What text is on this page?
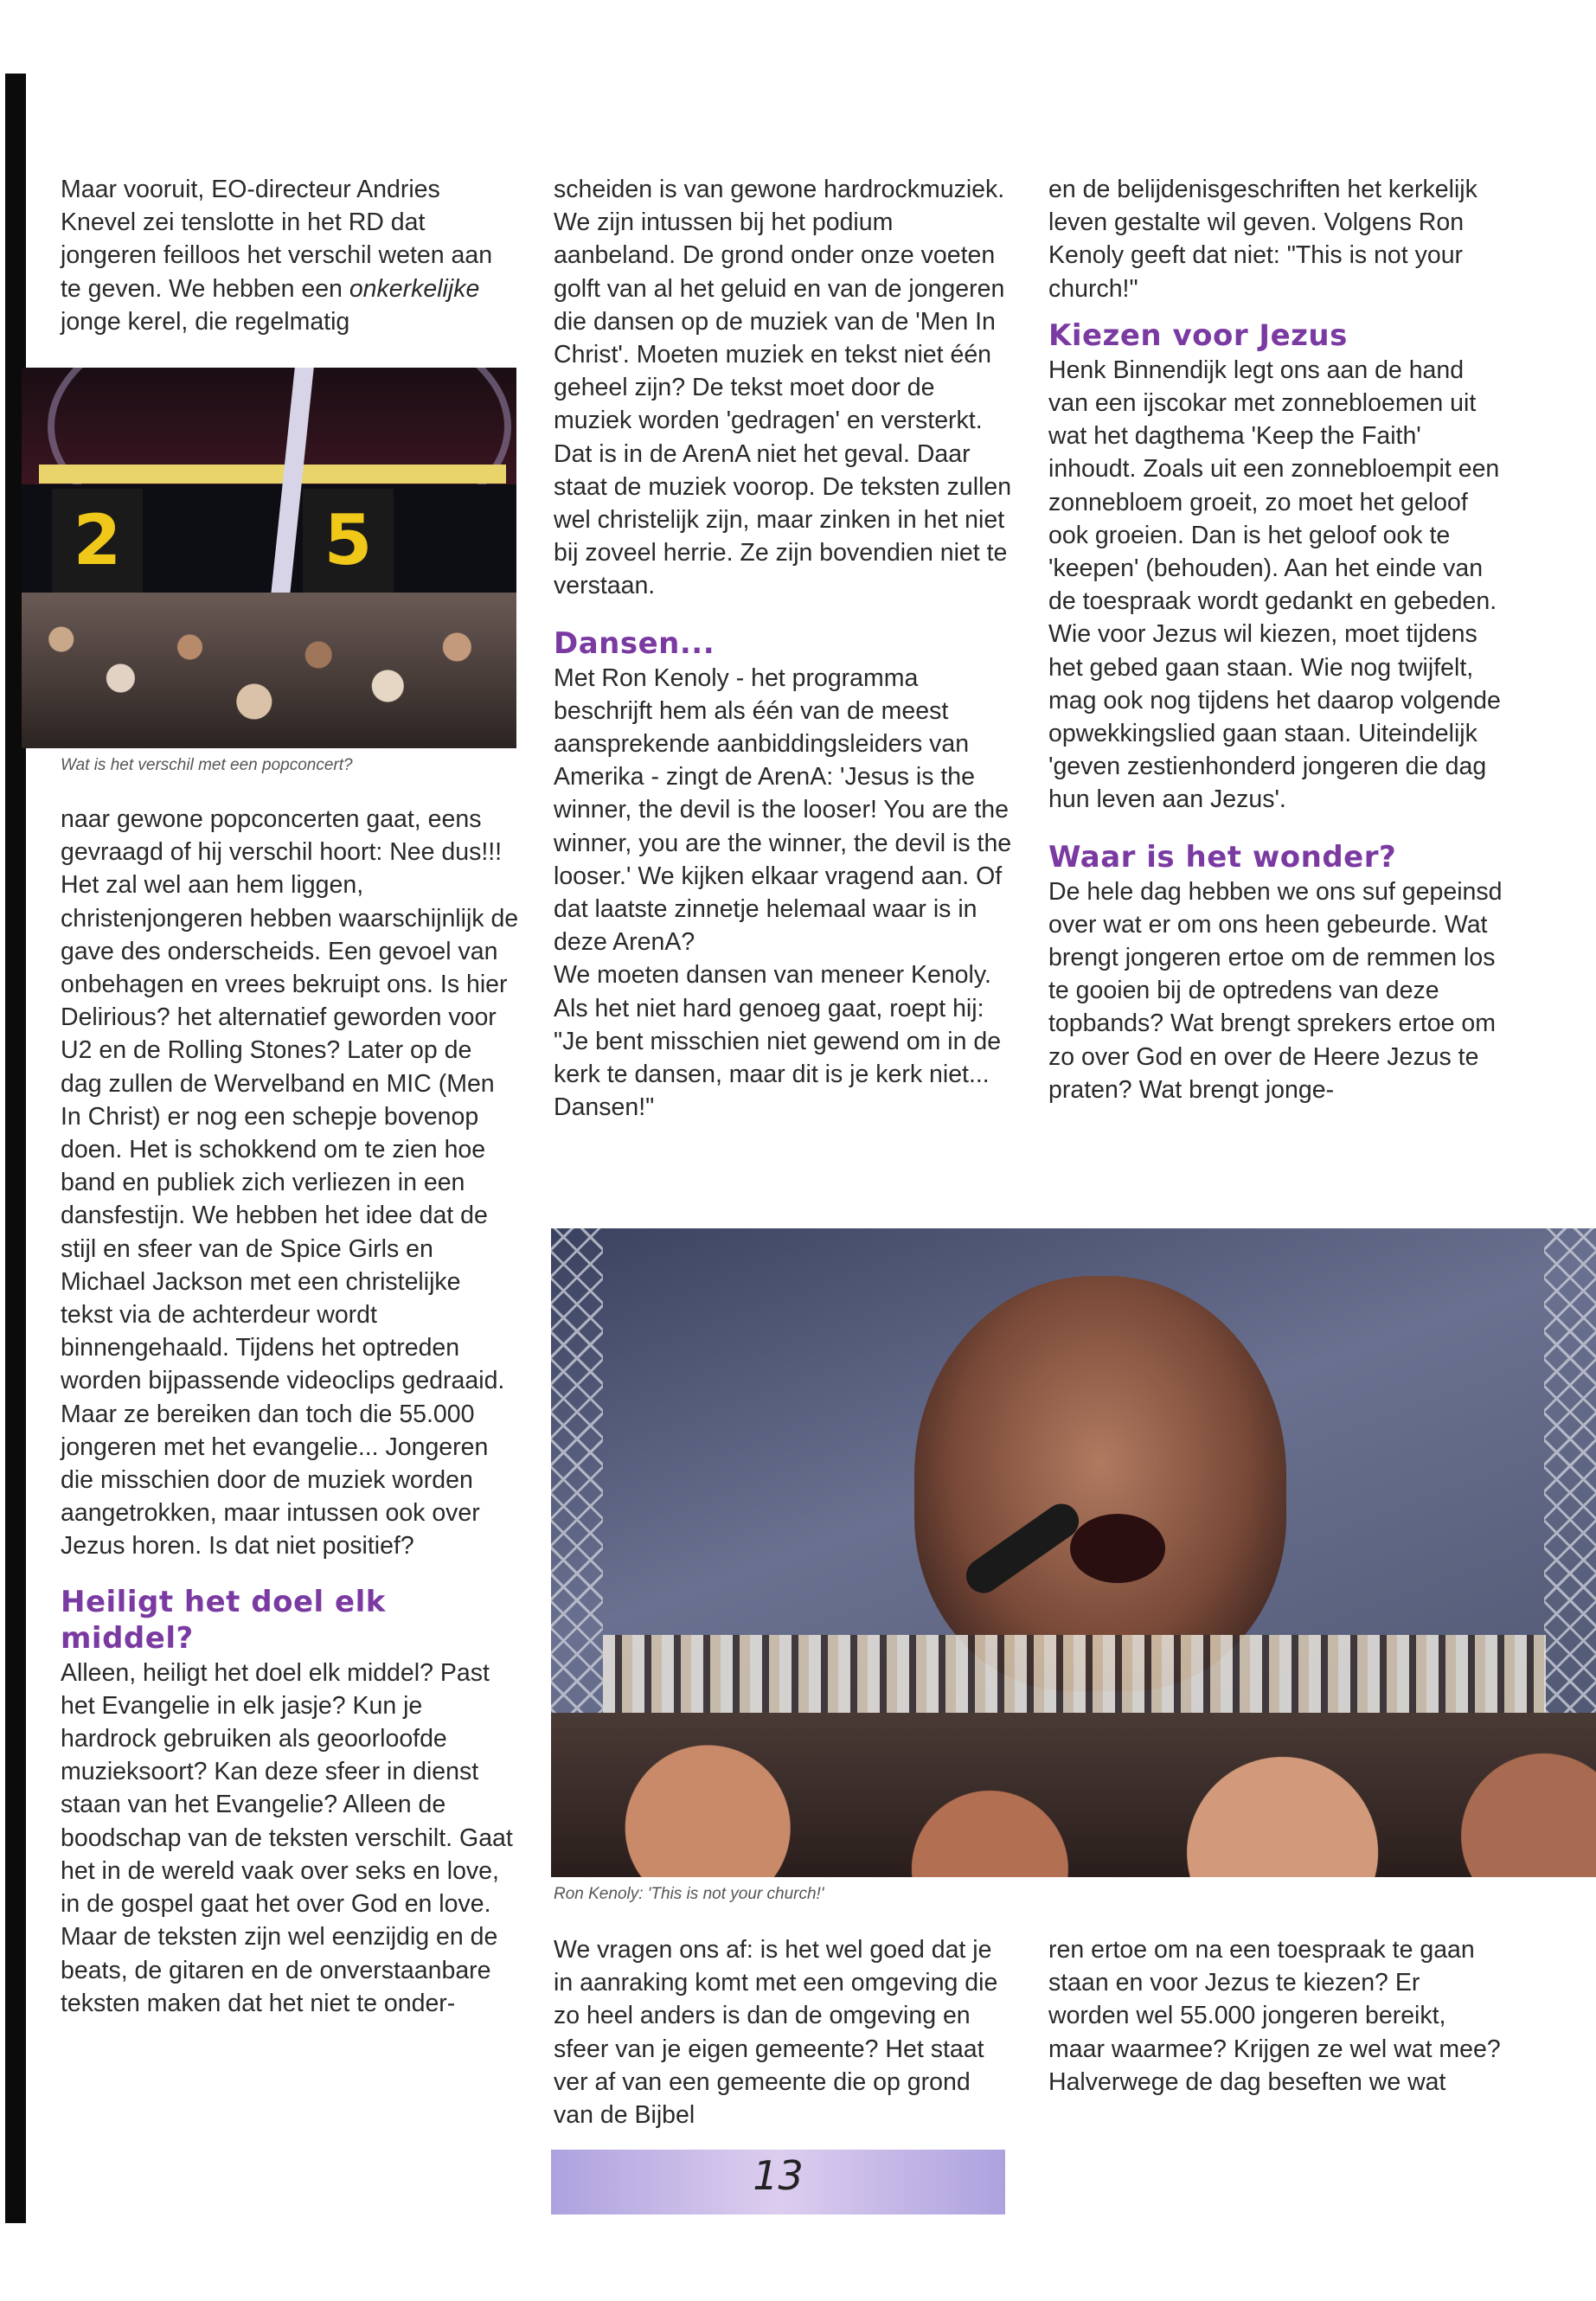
Maar vooruit, EO-directeur Andries Knevel zei tenslotte in het RD dat jongeren feilloos het verschil weten aan te geven. We hebben een onkerkelijke jonge kerel, die regelmatig

2	5
Wat is het verschil met een popconcert?

naar gewone popconcerten gaat, eens gevraagd of hij verschil hoort: Nee dus!!! Het zal wel aan hem liggen, christenjongeren hebben waarschijnlijk de gave des onderscheids. Een gevoel van onbehagen en vrees bekruipt ons. Is hier Delirious? het alternatief geworden voor U2 en de Rolling Stones? Later op de dag zullen de Wervelband en MIC (Men In Christ) er nog een schepje bovenop doen. Het is schokkend om te zien hoe band en publiek zich verliezen in een dansfestijn. We hebben het idee dat de stijl en sfeer van de Spice Girls en Michael Jackson met een christelijke tekst via de achterdeur wordt binnengehaald. Tijdens het optreden worden bijpassende videoclips gedraaid.

Maar ze bereiken dan toch die 55.000 jongeren met het evangelie... Jongeren die misschien door de muziek worden aangetrokken, maar intussen ook over Jezus horen. Is dat niet positief?

Heiligt het doel elk middel?

Alleen, heiligt het doel elk middel? Past het Evangelie in elk jasje? Kun je hardrock gebruiken als geoorloofde muzieksoort? Kan deze sfeer in dienst staan van het Evangelie? Alleen de boodschap van de teksten verschilt. Gaat het in de wereld vaak over seks en love, in de gospel gaat het over God en love. Maar de teksten zijn wel eenzijdig en de beats, de gitaren en de onverstaanbare teksten maken dat het niet te onder-

scheiden is van gewone hardrockmuziek.

We zijn intussen bij het podium aanbeland. De grond onder onze voeten golft van al het geluid en van de jongeren die dansen op de muziek van de 'Men In Christ'. Moeten muziek en tekst niet één geheel zijn? De tekst moet door de muziek worden 'gedragen' en versterkt. Dat is in de ArenA niet het geval. Daar staat de muziek voorop. De teksten zullen wel christelijk zijn, maar zinken in het niet bij zoveel herrie. Ze zijn bovendien niet te verstaan.

Dansen...

Met Ron Kenoly - het programma beschrijft hem als één van de meest aansprekende aanbiddingsleiders van Amerika - zingt de ArenA: 'Jesus is the winner, the devil is the looser! You are the winner, you are the winner, the devil is the looser.' We kijken elkaar vragend aan. Of dat laatste zinnetje helemaal waar is in deze ArenA?

We moeten dansen van meneer Kenoly. Als het niet hard genoeg gaat, roept hij: "Je bent misschien niet gewend om in de kerk te dansen, maar dit is je kerk niet... Dansen!"

Ron Kenoly: 'This is not your church!'

We vragen ons af: is het wel goed dat je in aanraking komt met een omgeving die zo heel anders is dan de omgeving en sfeer van je eigen gemeente? Het staat ver af van een gemeente die op grond van de Bijbel

en de belijdenisgeschriften het kerkelijk leven gestalte wil geven. Volgens Ron Kenoly geeft dat niet: "This is not your church!"

Kiezen voor Jezus

Henk Binnendijk legt ons aan de hand van een ijscokar met zonnebloemen uit wat het dagthema 'Keep the Faith' inhoudt. Zoals uit een zonnebloempit een zonnebloem groeit, zo moet het geloof ook groeien. Dan is het geloof ook te 'keepen' (behouden). Aan het einde van de toespraak wordt gedankt en gebeden. Wie voor Jezus wil kiezen, moet tijdens het gebed gaan staan. Wie nog twijfelt, mag ook nog tijdens het daarop volgende opwekkingslied gaan staan. Uiteindelijk 'geven zestienhonderd jongeren die dag hun leven aan Jezus'.

Waar is het wonder?

De hele dag hebben we ons suf gepeinsd over wat er om ons heen gebeurde. Wat brengt jongeren ertoe om de remmen los te gooien bij de optredens van deze topbands? Wat brengt sprekers ertoe om zo over God en over de Heere Jezus te praten? Wat brengt jonge-

ren ertoe om na een toespraak te gaan staan en voor Jezus te kiezen? Er worden wel 55.000 jongeren bereikt, maar waarmee? Krijgen ze wel wat mee?

Halverwege de dag beseften we wat

13
